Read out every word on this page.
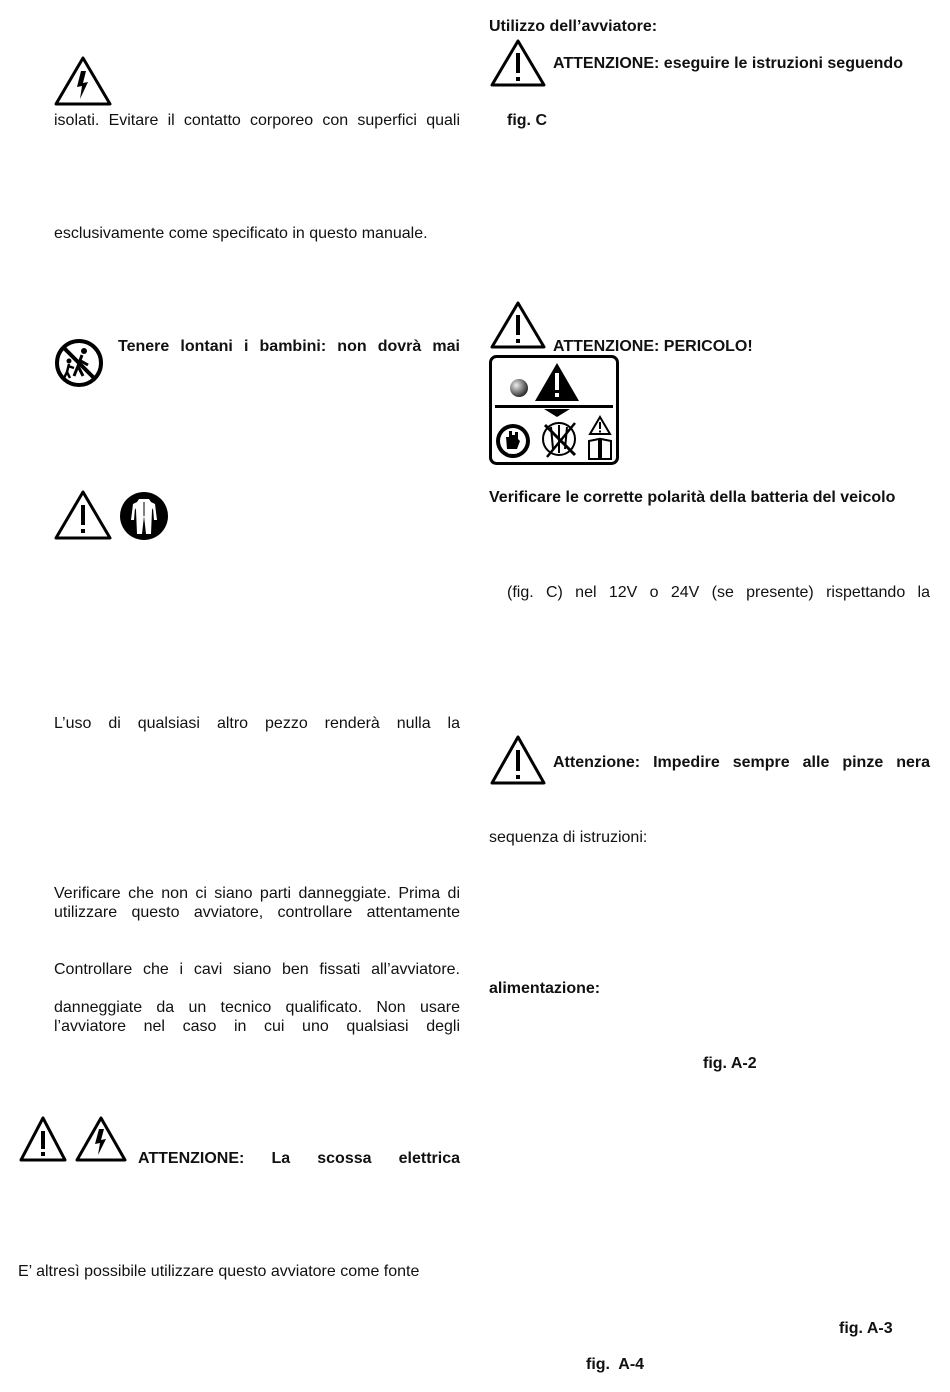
isolati. Evitare il contatto corporeo con superfici quali
esclusivamente come specificato in questo manuale.
Tenere lontani i bambini: non dovrà mai
L’uso di qualsiasi altro pezzo renderà nulla la
Verificare che non ci siano parti danneggiate. Prima di
utilizzare questo avviatore, controllare attentamente
Controllare che i cavi siano ben fissati all’avviatore.
danneggiate da un tecnico qualificato. Non usare
l’avviatore nel caso in cui uno qualsiasi degli
ATTENZIONE: La scossa elettrica
E’ altresì possibile utilizzare questo avviatore come fonte
Utilizzo dell’avviatore:
ATTENZIONE: eseguire le istruzioni seguendo
fig. C
ATTENZIONE: PERICOLO!
STOP
Verificare le corrette polarità della batteria del veicolo
(fig. C) nel 12V o 24V (se presente) rispettando la
Attenzione: Impedire sempre alle pinze nera
sequenza di istruzioni:
alimentazione:
fig. A-2
fig. A-3
fig.  A-4
